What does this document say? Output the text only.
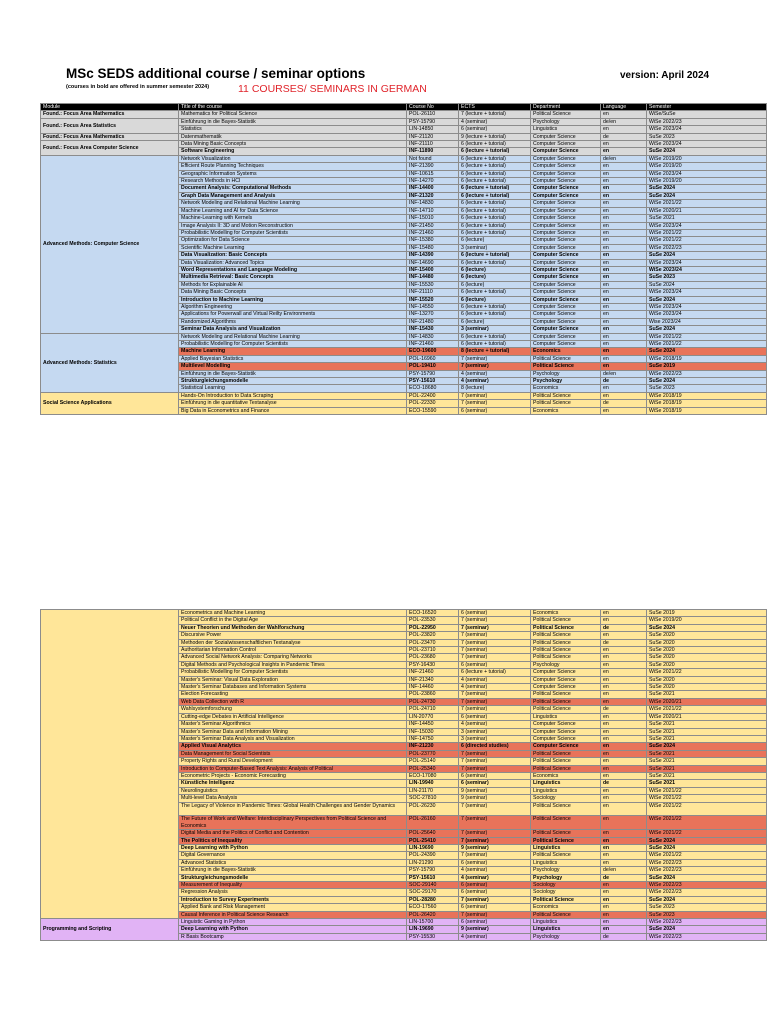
MSc SEDS additional course / seminar options
(courses in bold are offered in summer semester 2024)	11 COURSES/ SEMINARS IN GERMAN
version: April 2024
Module	Title of the course	Course No	ECTS	Department	Language	Semester
Found.: Focus Area Mathematics	Mathematics for Political Science	POL-26110	7 (lecture + tutorial)	Political Science	en	WiSe/SuSe
Found.: Focus Area Statistics	Einführung in die Bayes-Statistik	PSY-15790	4 (seminar)	Psychology	de/en	WiSe 2022/23
	Statistics	LIN-14850	6 (seminar)	Linguistics	en	WiSe 2023/24
Found.: Focus Area Mathematics	Datenmathematik	INF-21120	9 (lecture + tutorial)	Computer Science	de	SuSe 2023
Found.: Focus Area Computer Science	Data Mining Basic Concepts	INF-21110	6 (lecture + tutorial)	Computer Science	en	WiSe 2023/24
	Software Engineering	INF-11890	6 (lecture + tutorial)	Computer Science	en	SuSe 2024
Advanced Methods: Computer Science	Network Visualization	Not found	6 (lecture + tutorial)	Computer Science	de/en	WiSe 2019/20
	Efficient Route Planning Techniques	INF-21390	6 (lecture + tutorial)	Computer Science	en	WiSe 2019/20
	Geographic Information Systems	INF-10615	6 (lecture + tutorial)	Computer Science	en	WiSe 2023/24
	Research Methods in HCI	INF-14270	6 (lecture + tutorial)	Computer Science	en	WiSe 2019/20
	Document Analysis: Computational Methods	INF-14400	6 (lecture + tutorial)	Computer Science	en	SuSe 2024
	Graph Data Management and Analysis	INF-21320	6 (lecture + tutorial)	Computer Science	en	SuSe 2024
	Network Modeling and Relational Machine Learning	INF-14830	6 (lecture + tutorial)	Computer Science	en	WiSe 2021/22
	Machine Learning and AI for Data Science	INF-14710	6 (lecture + tutorial)	Computer Science	en	WiSe 2020/21
	Machine-Learning with Kernels	INF-15010	6 (lecture + tutorial)	Computer Science	en	SuSe 2021
	Image Analysis II: 3D and Motion Reconstruction	INF-21450	6 (lecture + tutorial)	Computer Science	en	WiSe 2023/24
	Probabilistic Modelling for Computer Scientists	INF-21460	6 (lecture + tutorial)	Computer Science	en	WiSe 2021/22
	Optimization for Data Science	INF-15380	6 (lecture)	Computer Science	en	WiSe 2021/22
	Scientific Machine Learning	INF-15480	3 (seminar)	Computer Science	en	WiSe 2022/23
	Data Visualization: Basic Concepts	INF-14390	6 (lecture + tutorial)	Computer Science	en	SuSe 2024
	Data Visualization: Advanced Topics	INF-14690	6 (lecture + tutorial)	Computer Science	en	WiSe 2023/24
	Word Representations and Language Modeling	INF-15400	6 (lecture)	Computer Science	en	WiSe 2023/24
	Multimedia Retrieval: Basic Concepts	INF-14480	6 (lecture)	Computer Science	en	SuSe 2023
	Methods for Explainable AI	INF-15530	6 (lecture)	Computer Science	en	SuSe 2024
	Data Mining Basic Concepts	INF-21110	6 (lecture + tutorial)	Computer Science	en	WiSe 2023/24
	Introduction to Machine Learning	INF-15520	6 (lecture)	Computer Science	en	SuSe 2024
	Algorithm Engineering	INF-14550	6 (lecture + tutorial)	Computer Science	en	WiSe 2023/24
	Applications for Powerwall and Virtual Reilty Environments	INF-13270	6 (lecture + tutorial)	Computer Science	en	WiSe 2023/24
	Randomized Algorithms	INF-21480	6 (lecture)	Computer Science	en	Wise 2023/24
	Seminar Data Analysis and Visualization	INF-15430	3 (seminar)	Computer Science	en	SuSe 2024
Advanced Methods: Statistics	Network Modeling and Relational Machine Learning	INF-14830	6 (lecture + tutorial)	Computer Science	en	WiSe 2021/22
	Probabilistic Modelling for Computer Scientists	INF-21460	6 (lecture + tutorial)	Computer Science	en	WiSe 2021/22
	Machine Learning	ECO-19600	8 (lecture + tutorial)	Economics	en	SuSe 2024
	Applied Bayesian Statistics	POL-16960	7 (seminar)	Political Science	en	WiSe 2018/19
	Multilevel Modelling	POL-19410	7 (seminar)	Political Science	en	SuSe 2019
	Einführung in die Bayes-Statistik	PSY-15790	4 (seminar)	Psychology	de/en	WiSe 2022/23
	Strukturgleichungsmodelle	PSY-15610	4 (seminar)	Psychology	de	SuSe 2024
	Statistical Learning	ECO-18680	8 (lecture)	Economics	en	SuSe 2023
Social Science Applications	Hands-On Introduction to Data Scraping	POL-22400	7 (seminar)	Political Science	en	WiSe 2018/19
	Einführung in die quantitative Textanalyse	POL-22330	7 (seminar)	Political Science	de	WiSe 2018/19
	Big Data in Econometrics and Finance	ECO-15590	6 (seminar)	Economics	en	WiSe 2018/19
	Econometrics and Machine Learning	ECO-16520	6 (seminar)	Economics	en	SuSe 2019
	Political Conflict in the Digital Age	POL-23530	7 (seminar)	Political Science	en	WiSe 2019/20
	Neuer Theorien und Methoden der Wahlforschung	POL-22950	7 (seminar)	Political Science	de	SuSe 2024
	Discursive Power	POL-23820	7 (seminar)	Political Science	en	SuSe 2020
	Methoden der Sozialwissenschaftlichen Textanalyse	POL-23470	7 (seminar)	Political Science	de	SuSe 2020
	Authoritarian Information Control	POL-23710	7 (seminar)	Political Science	en	SuSe 2020
	Advanced Social Network Analysis: Comparing Networks	POL-23680	7 (seminar)	Political Science	en	SuSe 2020
	Digital Methods and Psychological Insights in Pandemic Times	PSY-16430	6 (seminar)	Psychology	en	SuSe 2020
	Probabilistic Modelling for Computer Scientists	INF-21460	6 (lecture + tutorial)	Computer Science	en	WiSe 2021/22
	Master's Seminar: Visual Data Exploration	INF-21340	4 (seminar)	Computer Science	en	SuSe 2020
	Master's Seminar Databases and Information Systems	INF-14460	4 (seminar)	Computer Science	en	SuSe 2020
	Election Forecasting	POL-23860	7 (seminar)	Political Science	en	SuSe 2021
	Web Data Collection with R	POL-24730	7 (seminar)	Political Science	en	WiSe 2020/21
	Wahlsystemforschung	POL-24710	7 (seminar)	Political Science	de	WiSe 2021/22
	Cutting-edge Debates in Artificial Intelligence	LIN-20770	6 (seminar)	Linguistics	en	WiSe 2020/21
	Master's Seminar Algorithmics	INF-14450	4 (seminar)	Computer Science	en	SuSe 2021
	Master's Seminar Data and Information Mining	INF-15030	3 (seminar)	Computer Science	en	SuSe 2021
	Master's Seminar Data Analysis and Visualization	INF-14750	3 (seminar)	Computer Science	en	SuSe 2021
	Applied Visual Analytics	INF-21230	6 (directed studies)	Computer Science	en	SuSe 2024
	Data Management for Social Scientists	POL-23770	7 (seminar)	Political Science	en	SuSe 2021
	Property Rights and Rural Development	POL-25140	7 (seminar)	Political Science	en	SuSe 2021
	Introduction to Computer-Based Text Analysis: Analysis of Political	POL-25340	7 (seminar)	Political Science	en	SuSe 2021
	Econometric Projects - Economic Forecasting	ECO-17080	6 (seminar)	Economics	en	SuSe 2021
	Künstliche Intelligenz	LIN-19940	6 (seminar)	Linguistics	de	SuSe 2021
	Neurolinguistics	LIN-21170	9 (seminar)	Linguistics	en	WiSe 2021/22
	Multi-level Data Analysis	SOC-27810	9 (seminar)	Sociology	en	WiSe 2021/22
	The Legacy of Violence in Pandemic Times: Global Health Challenges and Gender Dynamics	POL-26230	7 (seminar)	Political Science	en	WiSe 2021/22
	The Future of Work and Welfare: Interdisciplinary Perspectives from Political Science and Economics	POL-26160	7 (seminar)	Political Science	en	WiSe 2021/22
	Digital Media and the Politics of Conflict and Contention	POL-25640	7 (seminar)	Political Science	en	WiSe 2021/22
	The Politics of Inequality	POL-25410	7 (seminar)	Political Science	en	SuSe 2024
	Deep Learning with Python	LIN-19690	9 (seminar)	Linguistics	en	SuSe 2024
	Digital Governance	POL-24390	7 (seminar)	Political Science	en	WiSe 2021/22
	Advanced Statistics	LIN-21290	6 (seminar)	Linguistics	en	WiSe 2022/23
	Einführung in die Bayes-Statistik	PSY-15790	4 (seminar)	Psychology	de/en	WiSe 2022/23
	Strukturgleichungsmodelle	PSY-15610	4 (seminar)	Psychology	de	SuSe 2024
	Measurement of Inequality	SOC-29140	6 (seminar)	Sociology	en	WiSe 2022/23
	Regression Analysis	SOC-29170	6 (seminar)	Sociology	en	WiSe 2022/23
	Introduction to Survey Experiments	POL-28280	7 (seminar)	Political Science	en	SuSe 2024
	Applied Bank and Risk Management	ECO-17560	6 (seminar)	Economics	en	SuSe 2023
	Causal Inference in Political Science Research	POL-26420	7 (seminar)	Political Science	en	SuSe 2023
Programming and Scripting	Linguistic Gaming in Python	LIN-15700	6 (seminar)	Linguistics	en	WiSe 2022/23
	Deep Learning with Python	LIN-19690	9 (seminar)	Linguistics	en	SuSe 2024
	R Basis Bootcamp	PSY-15530	4 (seminar)	Psychology	de	WiSe 2022/23
